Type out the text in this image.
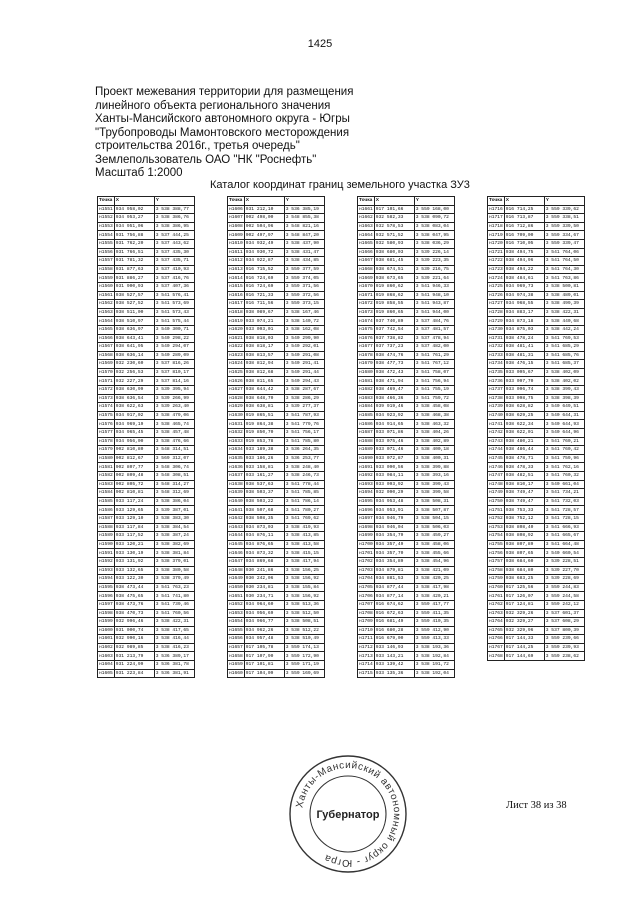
1425
Проект межевания территории для размещения
линейного объекта регионального значения
Ханты-Мансийского автономного округа - Югры
"Трубопроводы Мамонтовского месторождения
строительства 2016г., третья очередь"
Землепользователь ОАО "НК "Роснефть"
Масштаб 1:2000
Каталог координат границ земельного участка ЗУ3
Точка	X	Y
н1551	934 958,02	3 538 388,77
н1552	934 953,27	3 538 386,76
н1553	934 951,06	3 538 386,95
н1554	931 756,88	3 537 444,25
н1555	931 762,20	3 537 443,62
н1556	931 766,51	3 537 435,30
н1557	931 781,32	3 537 435,71
н1558	931 877,63	3 537 410,93
н1559	931 886,27	3 537 416,76
н1560	931 900,93	3 537 407,36
н1561	938 527,57	3 541 576,41
н1562	938 527,52	3 541 573,69
н1563	938 511,00	3 541 573,43
н1564	938 510,97	3 541 575,44
н1565	938 636,97	3 540 300,71
н1566	938 643,41	3 540 298,22
н1567	938 641,95	3 540 294,07
н1568	938 636,14	3 540 289,09
н1569	932 230,60	3 537 816,26
н1570	932 256,53	3 537 810,17
н1571	932 227,29	3 537 814,16
н1572	938 630,99	3 539 395,94
н1573	938 636,54	3 539 266,99
н1574	938 622,63	3 539 263,40
н1575	934 917,02	3 538 479,06
н1576	934 969,19	3 538 465,74
н1577	934 965,45	3 538 457,48
н1578	934 956,00	3 538 476,66
н1579	902 810,80	3 548 314,51
н1580	902 812,67	3 569 312,07
н1581	902 807,77	3 548 306,74
н1582	902 809,48	3 548 308,51
н1583	902 805,72	3 548 314,27
н1584	902 810,81	3 548 312,69
н1585	933 117,24	3 538 386,04
н1586	933 129,65	3 539 387,01
н1587	933 129,10	3 538 383,30
н1588	933 117,84	3 538 384,54
н1589	933 117,52	3 538 387,24
н1590	933 120,21	3 538 382,69
н1591	933 130,19	3 538 381,84
н1592	933 131,92	3 538 379,01
н1593	933 132,65	3 538 380,58
н1594	933 122,30	3 538 379,49
н1595	938 473,44	3 541 763,23
н1596	938 475,65	3 541 741,80
н1597	938 473,76	3 541 739,46
н1598	938 470,73	3 541 760,56
н1599	932 996,46	3 538 422,31
н1600	931 000,74	3 538 417,65
н1601	932 990,16	3 538 416,44
н1602	932 989,85	3 538 416,23
н1603	931 213,79	3 536 389,17
н1604	931 224,99	3 536 381,78
н1605	931 223,84	3 536 381,91
Точка	X	Y
н1606	931 212,10	3 536 385,19
н1607	902 498,00	3 548 855,38
н1608	902 504,96	3 548 821,16
н1609	902 497,97	3 548 847,20
н1610	934 932,49	3 538 437,90
н1611	934 930,72	3 538 431,47
н1612	934 922,87	3 538 434,85
н1613	916 715,52	3 559 377,59
н1614	916 724,69	3 559 374,05
н1615	916 724,69	3 559 371,56
н1616	916 721,33	3 559 372,56
н1617	916 711,56	3 559 373,15
н1618	938 089,67	3 538 167,46
н1619	933 074,21	3 538 140,72
н1620	933 093,01	3 538 162,08
н1621	938 818,03	3 540 299,90
н1622	938 818,17	3 540 292,01
н1623	938 813,57	3 540 291,08
н1624	938 812,94	3 540 291,41
н1625	938 812,68	3 540 291,44
н1626	938 811,65	3 540 294,43
н1627	938 644,42	3 538 287,67
н1628	938 648,70	3 538 286,29
н1629	938 638,81	3 539 277,37
н1630	919 865,51	3 541 787,93
н1631	919 864,38	3 541 779,76
н1632	919 850,70	3 541 756,17
н1633	919 853,78	3 541 785,80
н1634	933 189,38	3 536 264,35
н1635	933 186,26	3 536 253,77
н1636	933 158,81	3 538 248,40
н1637	933 161,27	3 538 246,73
н1638	938 537,63	3 541 778,44
н1639	938 503,37	3 541 785,85
н1640	938 503,22	3 541 786,14
н1641	938 507,68	3 541 780,27
н1642	938 508,35	3 541 769,62
н1643	934 873,03	3 538 419,93
н1644	934 876,11	3 538 413,85
н1645	934 876,65	3 538 413,58
н1646	934 873,32	3 538 415,15
н1647	934 869,68	3 538 417,94
н1648	930 241,86	3 538 156,25
н1649	930 242,06	3 538 156,92
н1650	930 234,81	3 538 155,84
н1651	930 234,71	3 538 156,92
н1652	934 964,60	3 538 513,36
н1653	934 956,69	3 538 512,50
н1654	934 966,77	3 538 508,51
н1655	934 962,26	3 538 512,22
н1656	934 957,48	3 538 510,49
н1657	917 105,78	3 559 174,13
н1658	917 107,90	3 559 172,90
н1659	917 101,81	3 559 171,19
н1660	917 104,09	3 559 169,69
Точка	X	Y
н1661	917 101,66	3 559 168,00
н1662	932 582,33	3 538 090,72
н1663	932 578,53	3 538 083,04
н1664	932 571,52	3 538 047,95
н1665	932 580,93	3 538 036,29
н1666	938 680,03	3 539 226,14
н1667	938 681,45	3 539 223,35
н1668	938 674,51	3 539 216,75
н1669	938 673,65	3 539 221,64
н1670	919 860,62	3 541 946,33
н1671	919 868,62	3 541 948,10
н1672	919 858,55	3 541 943,87
н1673	919 860,65	3 541 944,00
н1674	937 740,89	3 537 484,76
н1675	937 742,54	3 537 481,57
н1676	937 738,82	3 537 478,94
н1677	937 737,23	3 537 482,00
н1678	938 474,76	3 541 761,29
н1679	938 477,73	3 541 767,12
н1680	938 472,43	3 541 758,07
н1681	938 471,94	3 541 756,94
н1682	938 469,47	3 541 755,19
н1683	938 466,36	3 541 759,72
н1684	939 919,46	3 538 458,08
н1685	934 923,92	3 538 468,38
н1686	934 914,65	3 538 463,32
н1687	933 071,86	3 538 404,26
н1688	933 075,46	3 538 402,89
н1689	933 071,46	3 538 400,18
н1690	933 072,87	3 538 400,31
н1691	933 090,56	3 538 399,88
н1692	933 084,11	3 538 393,16
н1693	933 093,92	3 538 399,43
н1694	932 090,29	3 538 399,58
н1695	934 953,48	3 538 508,31
н1696	934 953,91	3 538 507,87
н1697	934 946,79	3 538 504,15
н1698	934 946,04	3 538 506,03
н1699	934 354,79	3 538 459,27
н1700	934 357,49	3 538 458,06
н1701	934 357,70	3 538 455,66
н1702	934 354,89	3 538 454,96
н1703	934 879,81	3 538 421,09
н1704	934 881,53	3 538 420,25
н1705	934 877,44	3 538 417,98
н1706	934 877,14	3 538 420,21
н1707	916 674,62	3 559 417,77
н1708	916 672,63	3 559 411,35
н1709	916 681,49	3 559 410,35
н1710	916 680,28	3 559 412,90
н1711	916 679,00	3 559 413,33
н1712	933 146,93	3 538 193,36
н1713	933 143,21	3 538 192,84
н1714	933 139,42	3 538 191,72
н1715	933 135,36	3 538 192,04
Точка	X	Y
н1716	916 714,25	3 559 339,62
н1717	916 713,87	3 559 338,51
н1718	916 712,86	3 559 339,50
н1719	916 709,00	3 559 334,67
н1720	916 710,05	3 559 339,47
н1721	938 494,75	3 541 764,06
н1722	938 494,96	3 541 764,50
н1723	938 494,22	3 541 764,30
н1724	938 484,61	3 541 763,86
н1725	934 969,73	3 538 500,81
н1726	934 974,38	3 538 489,01
н1727	934 968,55	3 538 499,39
н1728	934 883,17	3 538 422,31
н1729	934 873,18	3 538 440,68
н1730	934 875,03	3 538 442,24
н1731	938 478,24	3 541 769,53
н1732	938 481,41	3 541 685,29
н1733	938 481,31	3 541 685,76
н1734	938 476,15	3 541 685,37
н1735	933 095,67	3 538 402,09
н1736	933 097,70	3 538 402,02
н1737	933 096,74	3 538 399,43
н1738	933 098,75	3 538 398,39
н1739	938 628,82	3 540 649,51
н1740	938 629,25	3 540 644,31
н1741	938 622,34	3 540 644,93
н1742	938 622,01	3 540 644,96
н1743	938 480,21	3 541 760,21
н1744	938 486,44	3 541 760,42
н1745	938 478,71	3 541 759,96
н1746	938 478,33	3 541 762,16
н1747	938 482,51	3 541 760,32
н1748	938 810,17	3 540 661,04
н1749	938 749,47	3 541 734,21
н1750	938 749,47	3 541 732,03
н1751	938 753,33	3 541 728,57
н1752	938 752,12	3 541 728,15
н1753	938 808,40	3 541 666,93
н1754	938 808,92	3 541 665,67
н1755	938 807,89	3 541 664,48
н1756	938 807,65	3 540 660,54
н1757	938 684,60	3 539 228,51
н1758	938 684,80	3 539 227,70
н1759	938 683,25	3 539 228,69
н1760	917 125,56	3 559 244,83
н1761	917 126,07	3 559 244,58
н1762	917 124,81	3 559 242,12
н1763	932 329,26	3 537 601,37
н1764	932 329,27	3 537 608,29
н1765	932 329,96	3 537 800,39
н1766	917 144,33	3 559 239,66
н1767	917 144,25	3 559 239,93
н1768	917 144,69	3 559 238,62
Лист 38 из 38
Ханты-Мансийский автономный округ - Югра
Губернатор
